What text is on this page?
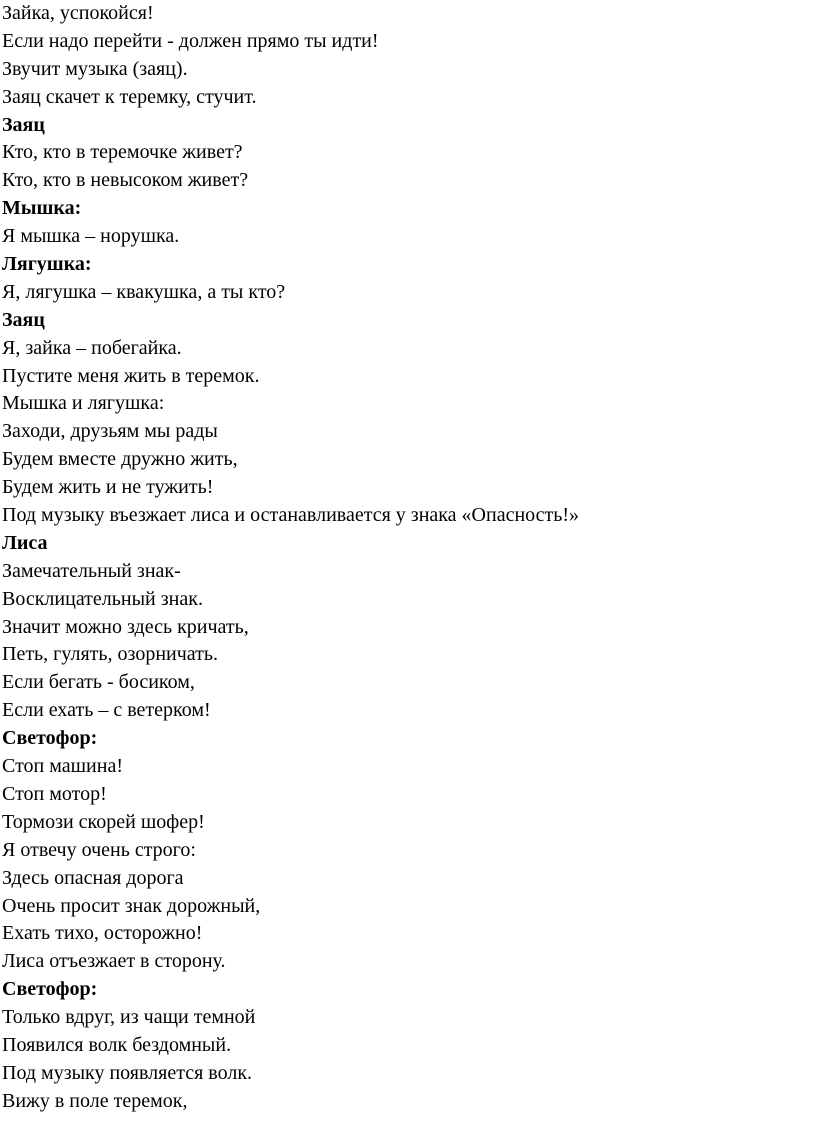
Зайка, успокойся!

Если надо перейти - должен прямо ты идти!

Звучит музыка (заяц).

Заяц скачет к теремку, стучит.

Заяц

Кто, кто в теремочке живет?

Кто, кто в невысоком живет?

Мышка:

Я мышка – норушка.

Лягушка:

Я, лягушка – квакушка, а ты кто?

Заяц

Я, зайка – побегайка.

Пустите меня жить в теремок.

Мышка и лягушка:

Заходи, друзьям мы рады

Будем вместе дружно жить,

Будем жить и не тужить!

Под музыку въезжает лиса и останавливается у знака «Опасность!»

Лиса

Замечательный знак-

Восклицательный знак.

Значит можно здесь кричать,

Петь, гулять, озорничать.

Если бегать - босиком,

Если ехать – с ветерком!

Светофор:

Стоп машина!

Стоп мотор!

Тормози скорей шофер!

Я отвечу очень строго:

Здесь опасная дорога

Очень просит знак дорожный,

Ехать тихо, осторожно!

Лиса отъезжает в сторону.

Светофор:

Только вдруг, из чащи темной

Появился волк бездомный.

Под музыку появляется волк.

Вижу в поле теремок,
